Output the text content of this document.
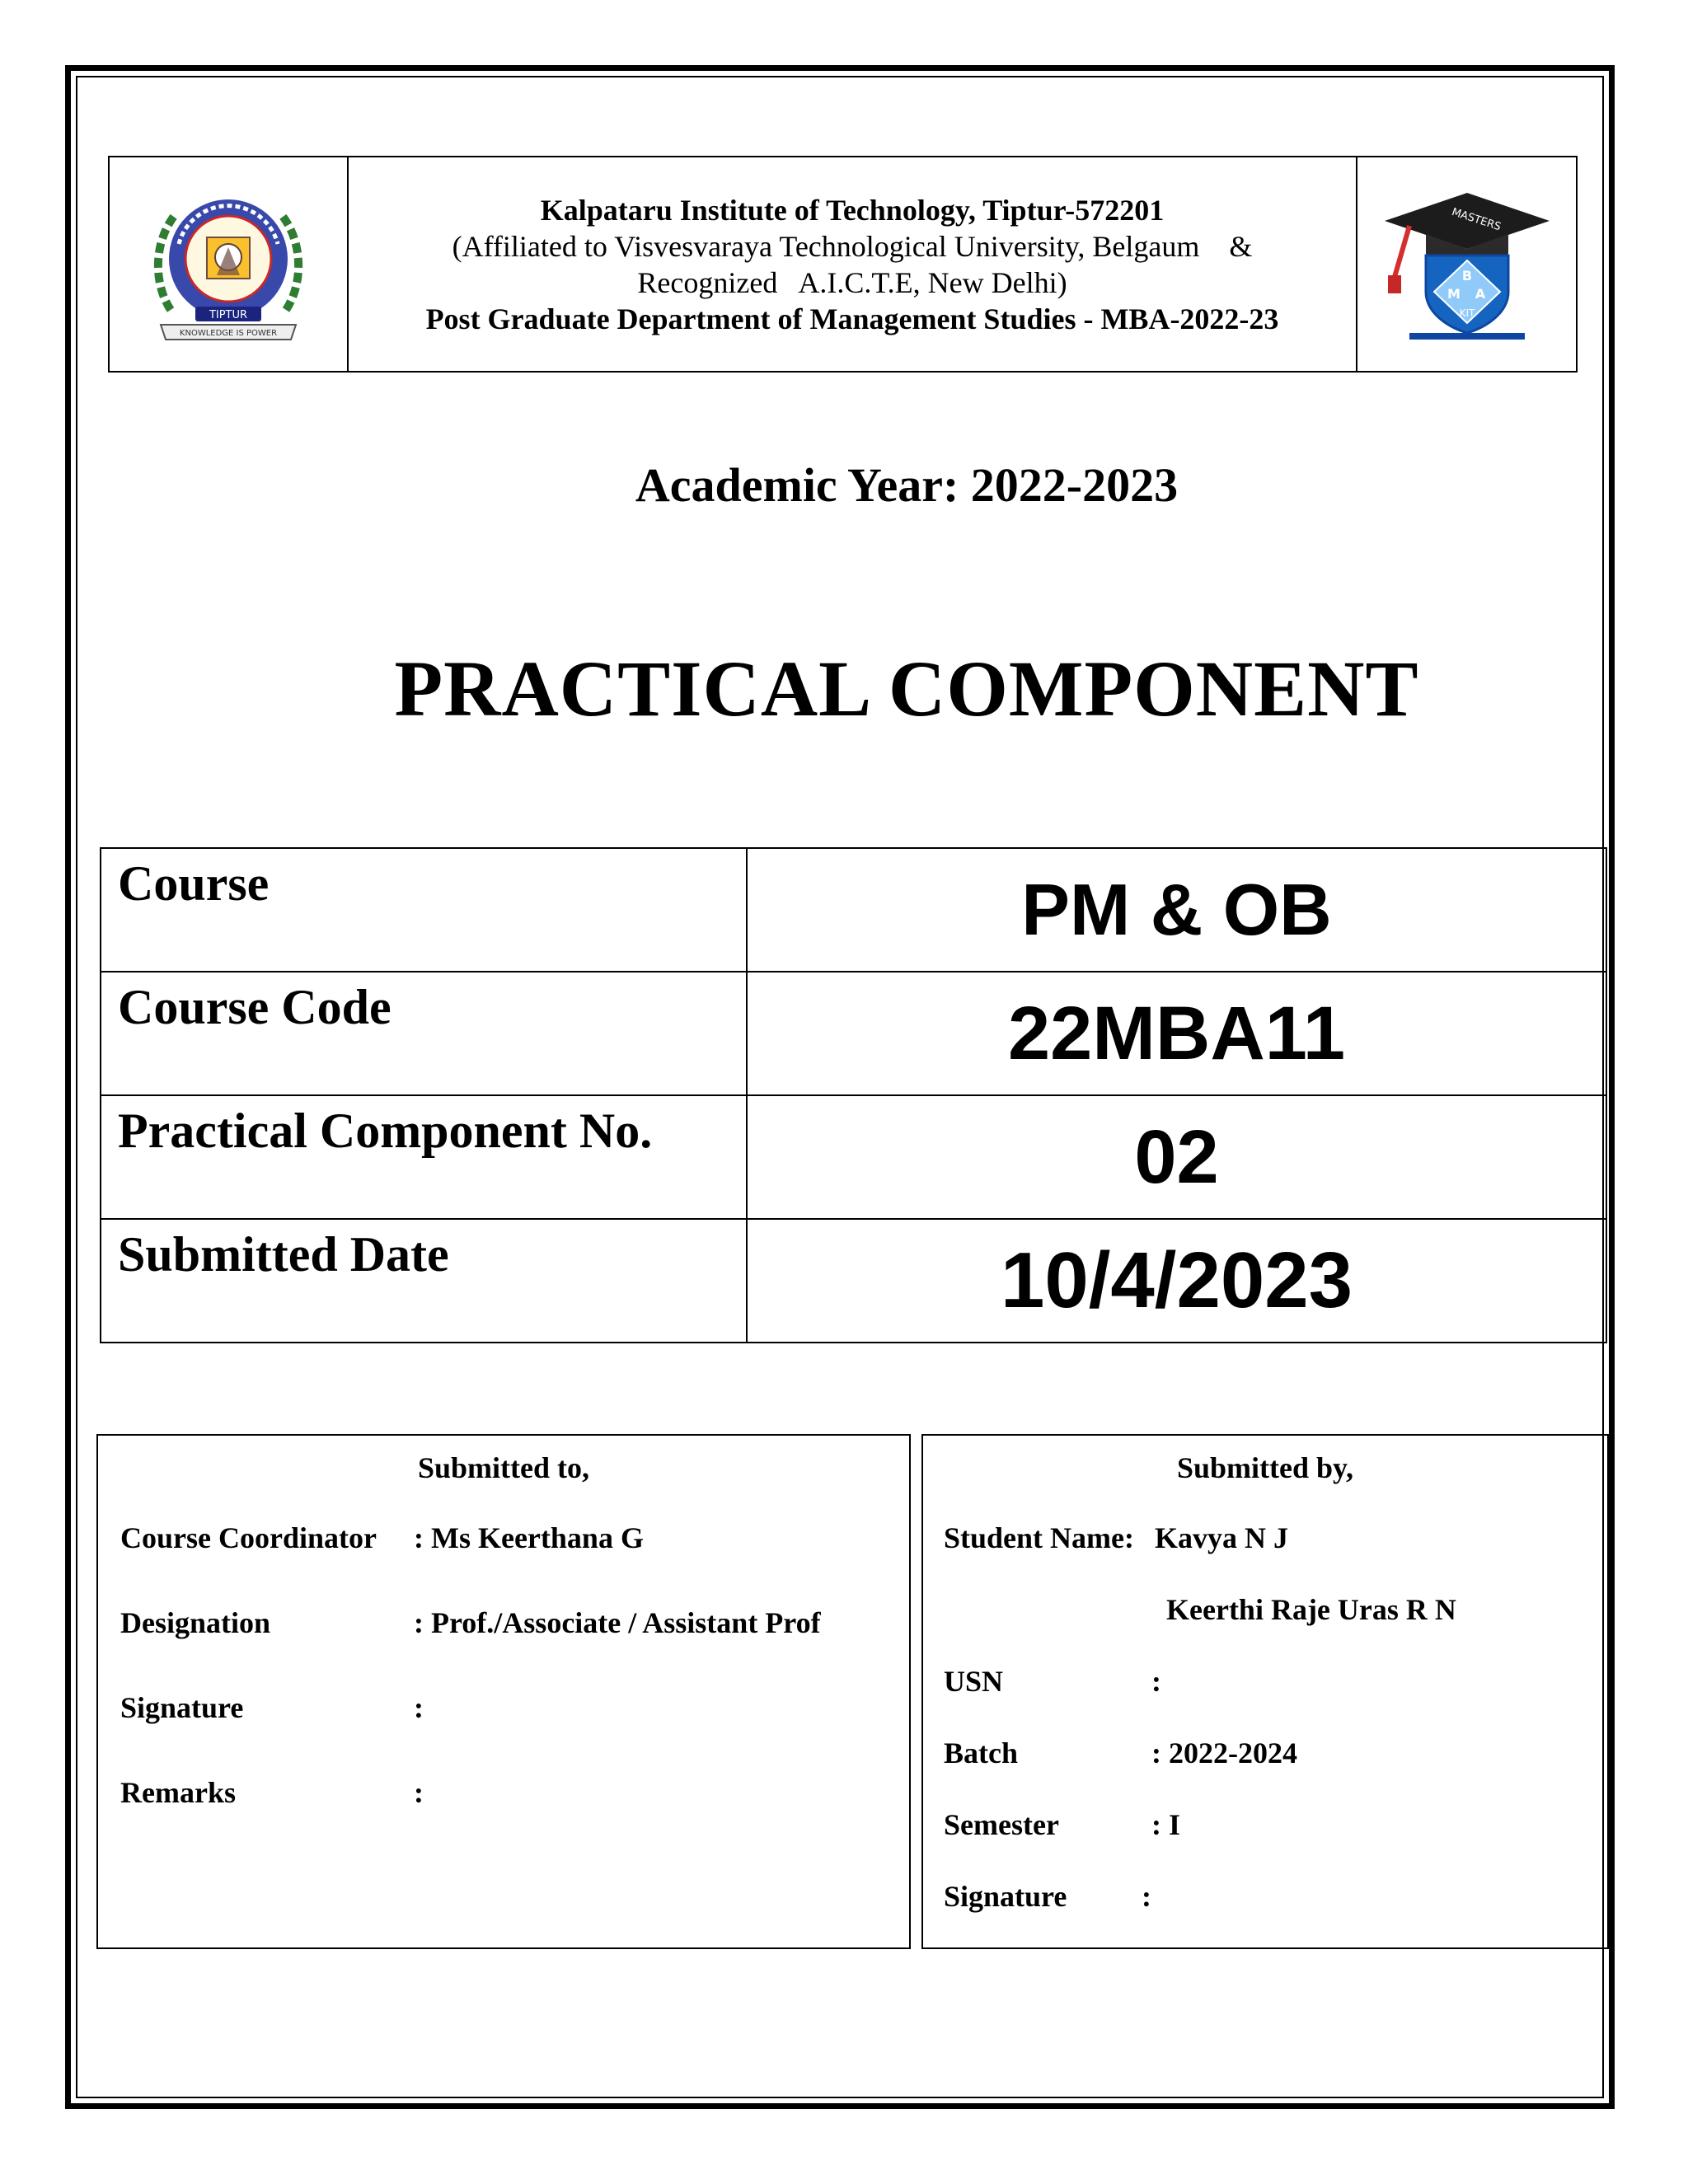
TIPTUR
KNOWLEDGE IS POWER
Kalpataru Institute of Technology, Tiptur-572201
(Affiliated to Visvesvaraya Technological University, Belgaum    &
Recognized   A.I.C.T.E, New Delhi)
Post Graduate Department of Management Studies - MBA-2022-23
MASTERS
B
M A
KIT
Academic Year: 2022-2023
PRACTICAL COMPONENT
Course	PM & OB
Course Code	22MBA11
Practical Component No.	02
Submitted Date	10/4/2023
Submitted to,
Course Coordinator : Ms Keerthana G
Designation	: Prof./Associate / Assistant Prof
Signature	:
Remarks	:
Submitted by,
Student Name: Kavya N J
Keerthi Raje Uras R N
USN	:
Batch	: 2022-2024
Semester	: I
Signature	:
